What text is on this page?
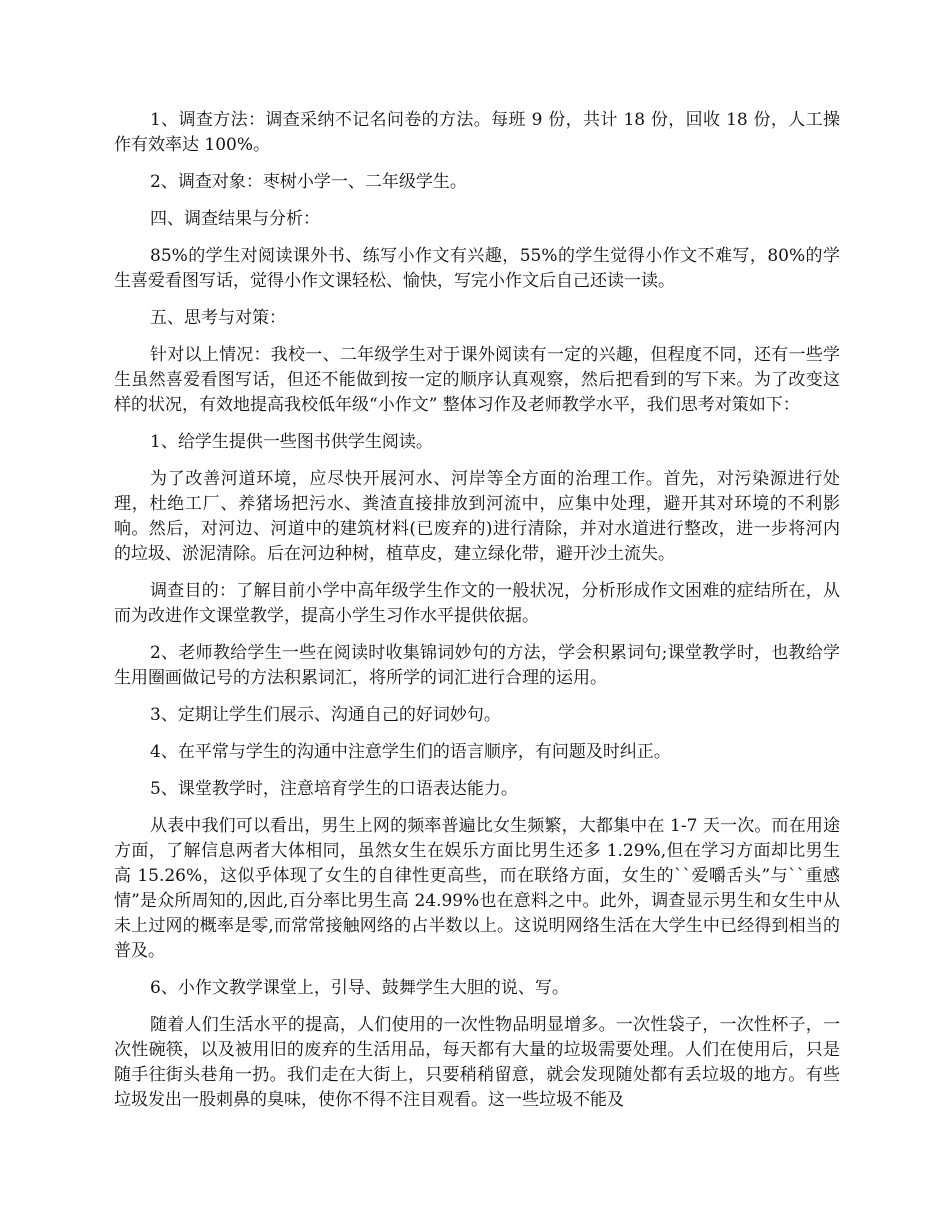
1、调查方法：调查采纳不记名问卷的方法。每班 9 份，共计 18 份，回收 18 份，人工操作有效率达 100%。

2、调查对象：枣树小学一、二年级学生。

四、调查结果与分析：

85%的学生对阅读课外书、练写小作文有兴趣，55%的学生觉得小作文不难写，80%的学生喜爱看图写话，觉得小作文课轻松、愉快，写完小作文后自己还读一读。

五、思考与对策：

针对以上情况：我校一、二年级学生对于课外阅读有一定的兴趣，但程度不同，还有一些学生虽然喜爱看图写话，但还不能做到按一定的顺序认真观察，然后把看到的写下来。为了改变这样的状况，有效地提高我校低年级“小作文” 整体习作及老师教学水平，我们思考对策如下：

1、给学生提供一些图书供学生阅读。

为了改善河道环境，应尽快开展河水、河岸等全方面的治理工作。首先，对污染源进行处理，杜绝工厂、养猪场把污水、粪渣直接排放到河流中，应集中处理，避开其对环境的不利影响。然后，对河边、河道中的建筑材料(已废弃的)进行清除，并对水道进行整改，进一步将河内的垃圾、淤泥清除。后在河边种树，植草皮，建立绿化带，避开沙土流失。

调查目的：了解目前小学中高年级学生作文的一般状况，分析形成作文困难的症结所在，从而为改进作文课堂教学，提高小学生习作水平提供依据。

2、老师教给学生一些在阅读时收集锦词妙句的方法，学会积累词句;课堂教学时，也教给学生用圈画做记号的方法积累词汇，将所学的词汇进行合理的运用。

3、定期让学生们展示、沟通自己的好词妙句。

4、在平常与学生的沟通中注意学生们的语言顺序，有问题及时纠正。

5、课堂教学时，注意培育学生的口语表达能力。

从表中我们可以看出，男生上网的频率普遍比女生频繁，大都集中在 1-7 天一次。而在用途方面，了解信息两者大体相同，虽然女生在娱乐方面比男生还多 1.29%,但在学习方面却比男生高 15.26%，这似乎体现了女生的自律性更高些，而在联络方面，女生的``爱嚼舌头”与``重感情”是众所周知的,因此,百分率比男生高 24.99%也在意料之中。此外，调查显示男生和女生中从未上过网的概率是零,而常常接触网络的占半数以上。这说明网络生活在大学生中已经得到相当的普及。

6、小作文教学课堂上，引导、鼓舞学生大胆的说、写。

随着人们生活水平的提高，人们使用的一次性物品明显增多。一次性袋子，一次性杯子，一次性碗筷，以及被用旧的废弃的生活用品，每天都有大量的垃圾需要处理。人们在使用后，只是随手往街头巷角一扔。我们走在大街上，只要稍稍留意，就会发现随处都有丢垃圾的地方。有些垃圾发出一股刺鼻的臭味，使你不得不注目观看。这一些垃圾不能及
